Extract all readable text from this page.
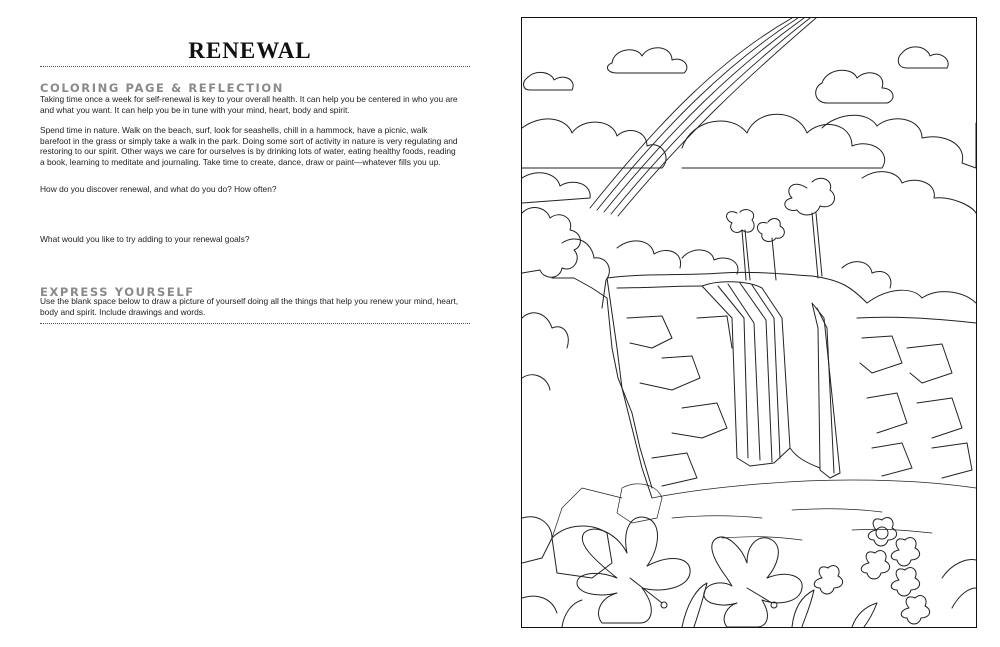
RENEWAL
COLORING PAGE & REFLECTION

Taking time once a week for self-renewal is key to your overall health. It can help you be centered in who you are and what you want. It can help you be in tune with your mind, heart, body and spirit.

Spend time in nature. Walk on the beach, surf, look for seashells, chill in a hammock, have a picnic, walk barefoot in the grass or simply take a walk in the park. Doing some sort of activity in nature is very regulating and restoring to our spirit. Other ways we care for ourselves is by drinking lots of water, eating healthy foods, reading a book, learning to meditate and journaling. Take time to create, dance, draw or paint—whatever fills you up.

How do you discover renewal, and what do you do? How often?
What would you like to try adding to your renewal goals?
EXPRESS YOURSELF

Use the blank space below to draw a picture of yourself doing all the things that help you renew your mind, heart, body and spirit. Include drawings and words.
